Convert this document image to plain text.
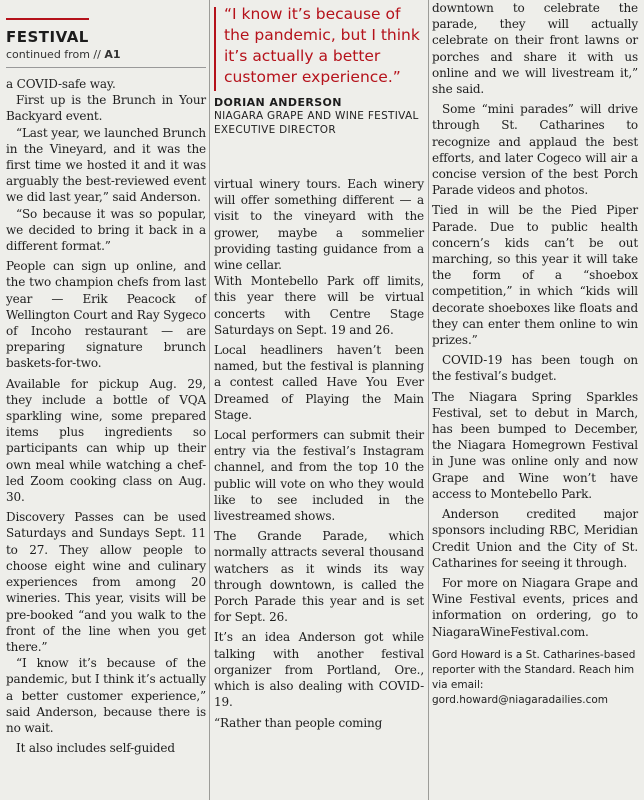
FESTIVAL
continued from // A1

a COVID-safe way.

First up is the Brunch in Your Backyard event.

“Last year, we launched Brunch in the Vineyard, and it was the first time we hosted it and it was arguably the best-reviewed event we did last year,” said Anderson.

“So because it was so popular, we decided to bring it back in a different format.”

People can sign up online, and the two champion chefs from last year — Erik Peacock of Wellington Court and Ray Sygeco of Incoho restaurant — are preparing signature brunch baskets-for-two.

Available for pickup Aug. 29, they include a bottle of VQA sparkling wine, some prepared items plus ingredients so participants can whip up their own meal while watching a chef-led Zoom cooking class on Aug. 30.

Discovery Passes can be used Saturdays and Sundays Sept. 11 to 27. They allow people to choose eight wine and culinary experiences from among 20 wineries. This year, visits will be pre-booked “and you walk to the front of the line when you get there.”

“I know it’s because of the pandemic, but I think it’s actually a better customer experience,” said Anderson, because there is no wait.

It also includes self-guided

“I know it’s because of the pandemic, but I think it’s actually a better customer experience.”

DORIAN ANDERSON

NIAGARA GRAPE AND WINE FESTIVAL EXECUTIVE DIRECTOR

virtual winery tours. Each winery will offer something different — a visit to the vineyard with the grower, maybe a sommelier providing tasting guidance from a wine cellar.

With Montebello Park off limits, this year there will be virtual concerts with Centre Stage Saturdays on Sept. 19 and 26.

Local headliners haven’t been named, but the festival is planning a contest called Have You Ever Dreamed of Playing the Main Stage.

Local performers can submit their entry via the festival’s Instagram channel, and from the top 10 the public will vote on who they would like to see included in the livestreamed shows.

The Grande Parade, which normally attracts several thousand watchers as it winds its way through downtown, is called the Porch Parade this year and is set for Sept. 26.

It’s an idea Anderson got while talking with another festival organizer from Portland, Ore., which is also dealing with COVID-19.

“Rather than people coming

downtown to celebrate the parade, they will actually celebrate on their front lawns or porches and share it with us online and we will livestream it,” she said.

Some “mini parades” will drive through St. Catharines to recognize and applaud the best efforts, and later Cogeco will air a concise version of the best Porch Parade videos and photos.

Tied in will be the Pied Piper Parade. Due to public health concern’s kids can’t be out marching, so this year it will take the form of a “shoebox competition,” in which “kids will decorate shoeboxes like floats and they can enter them online to win prizes.”

COVID-19 has been tough on the festival’s budget.

The Niagara Spring Sparkles Festival, set to debut in March, has been bumped to December, the Niagara Homegrown Festival in June was online only and now Grape and Wine won’t have access to Montebello Park.

Anderson credited major sponsors including RBC, Meridian Credit Union and the City of St. Catharines for seeing it through.

For more on Niagara Grape and Wine Festival events, prices and information on ordering, go to NiagaraWineFestival.com.

Gord Howard is a St. Catharines-based reporter with the Standard. Reach him via email: gord.howard@niagaradailies.com
